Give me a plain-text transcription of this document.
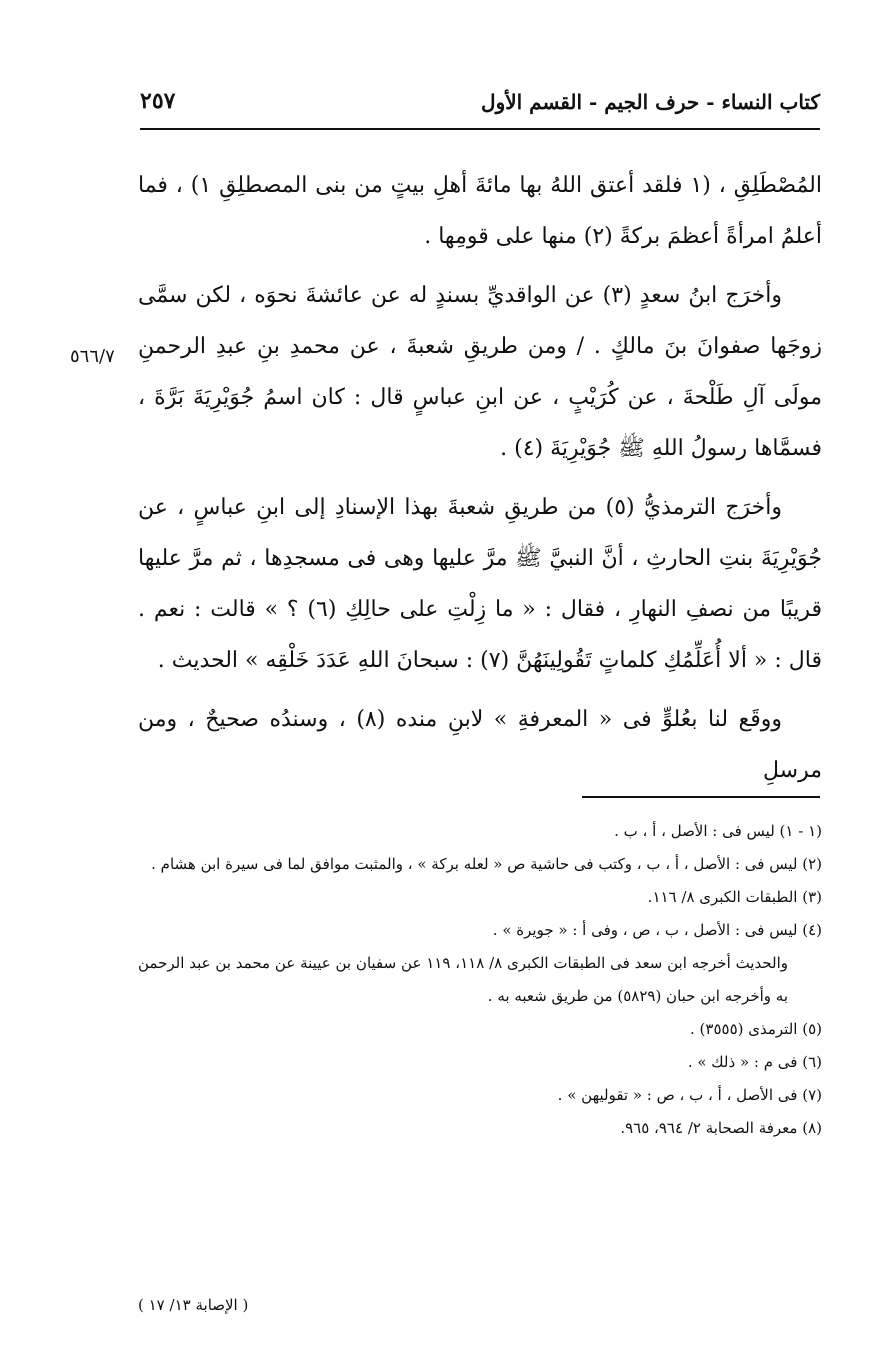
كتاب النساء - حرف الجيم - القسم الأول
٢٥٧
٥٦٦/٧

المُصْطَلِقِ ، (١ فلقد أعتق اللهُ بها مائةَ أهلِ بيتٍ من بنى المصطلِقِ ١) ، فما أعلمُ امرأةً أعظمَ بركةً (٢) منها على قومِها .

وأخرَج ابنُ سعدٍ (٣) عن الواقديِّ بسندٍ له عن عائشةَ نحوَه ، لكن سمَّى زوجَها صفوانَ بنَ مالكٍ . / ومن طريقِ شعبةَ ، عن محمدِ بنِ عبدِ الرحمنِ مولَى آلِ طَلْحةَ ، عن كُرَيْبٍ ، عن ابنِ عباسٍ قال : كان اسمُ جُوَيْرِيَةَ بَرَّةَ ، فسمَّاها رسولُ اللهِ ﷺ جُوَيْرِيَةَ (٤) .

وأخرَج الترمذيُّ (٥) من طريقِ شعبةَ بهذا الإسنادِ إلى ابنِ عباسٍ ، عن جُوَيْرِيَةَ بنتِ الحارثِ ، أنَّ النبيَّ ﷺ مرَّ عليها وهى فى مسجدِها ، ثم مرَّ عليها قريبًا من نصفِ النهارِ ، فقال : « ما زِلْتِ على حالِكِ (٦) ؟ » قالت : نعم . قال : « ألا أُعَلِّمُكِ كلماتٍ تَقُولِينَهُنَّ (٧) : سبحانَ اللهِ عَدَدَ خَلْقِه » الحديث .

ووقَع لنا بعُلوٍّ فى « المعرفةِ » لابنِ منده (٨) ، وسندُه صحيحٌ ، ومن مرسلِ

(١ - ١) ليس فى : الأصل ، أ ، ب .

(٢) ليس فى : الأصل ، أ ، ب ، وكتب فى حاشية ص « لعله بركة » ، والمثبت موافق لما فى سيرة ابن هشام .

(٣) الطبقات الكبرى ٨/ ١١٦.

(٤) ليس فى : الأصل ، ب ، ص ، وفى أ : « جويرة » .

والحديث أخرجه ابن سعد فى الطبقات الكبرى ٨/ ١١٨، ١١٩ عن سفيان بن عيينة عن محمد بن عبد الرحمن به وأخرجه ابن حبان (٥٨٢٩) من طريق شعبه به .

(٥) الترمذى (٣٥٥٥) .

(٦) فى م : « ذلك » .

(٧) فى الأصل ، أ ، ب ، ص : « تقوليهن » .

(٨) معرفة الصحابة ٢/ ٩٦٤، ٩٦٥.

( الإصابة ١٣/ ١٧ )
